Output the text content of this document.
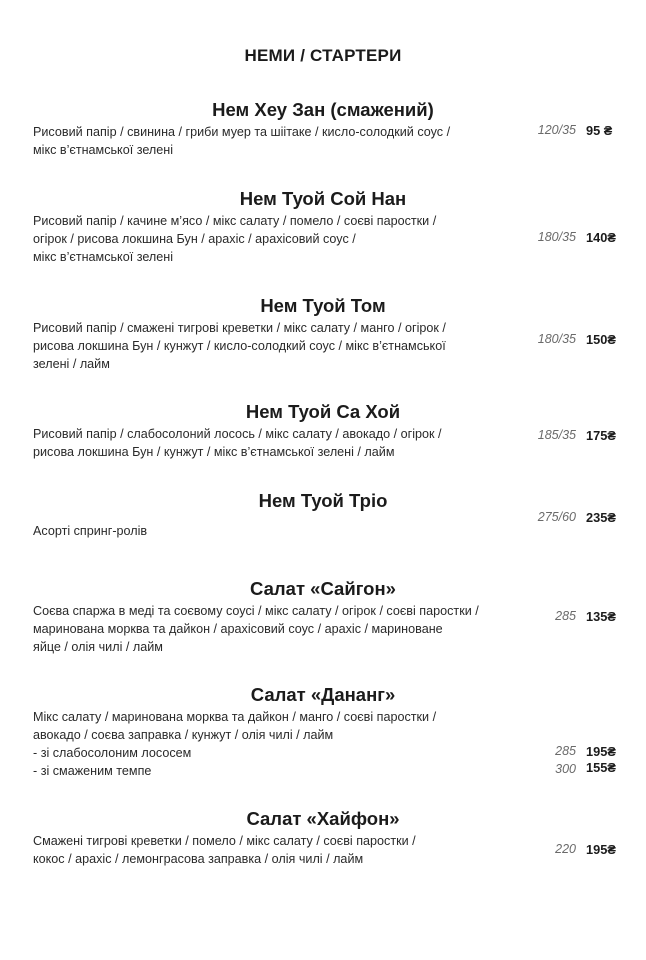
НЕМИ / СТАРТЕРИ
Нем Хеу Зан (смажений)
Рисовий папір / свинина / гриби муер та шіітаке / кисло-солодкий соус /
мікс в’єтнамської зелені
120/35 95 ₴
Нем Туой Сой Нан
Рисовий папір / качине м’ясо / мікс салату / помело / соєві паростки /
огірок / рисова локшина Бун / арахіс / арахісовий соус /
мікс в’єтнамської зелені
180/35 140₴
Нем Туой Том
Рисовий папір / смажені тигрові креветки / мікс салату / манго / огірок /
рисова локшина Бун / кунжут / кисло-солодкий соус / мікс в’єтнамської
зелені / лайм
180/35 150₴
Нем Туой Са Хой
Рисовий папір / слабосолоний лосось / мікс салату / авокадо / огірок /
рисова локшина Бун / кунжут / мікс в’єтнамської зелені / лайм
185/35 175₴
Нем Туой Тріо
Асорті спринг-ролів
275/60 235₴
Салат «Сайгон»
Соєва спаржа в меді та соєвому соусі / мікс салату / огірок / соєві паростки /
маринована морква та дайкон / арахісовий соус / арахіс / мариноване
яйце / олія чилі / лайм
285 135₴
Салат «Дананг»
Мікс салату / маринована морква та дайкон / манго / соєві паростки /
авокадо / соєва заправка / кунжут / олія чилі / лайм
- зі слабосолоним лососем
- зі смаженим темпе
285 195₴
300 155₴
Салат «Хайфон»
Смажені тигрові креветки / помело / мікс салату / соєві паростки /
кокос / арахіс / лемонграсова заправка / олія чилі / лайм
220 195₴
